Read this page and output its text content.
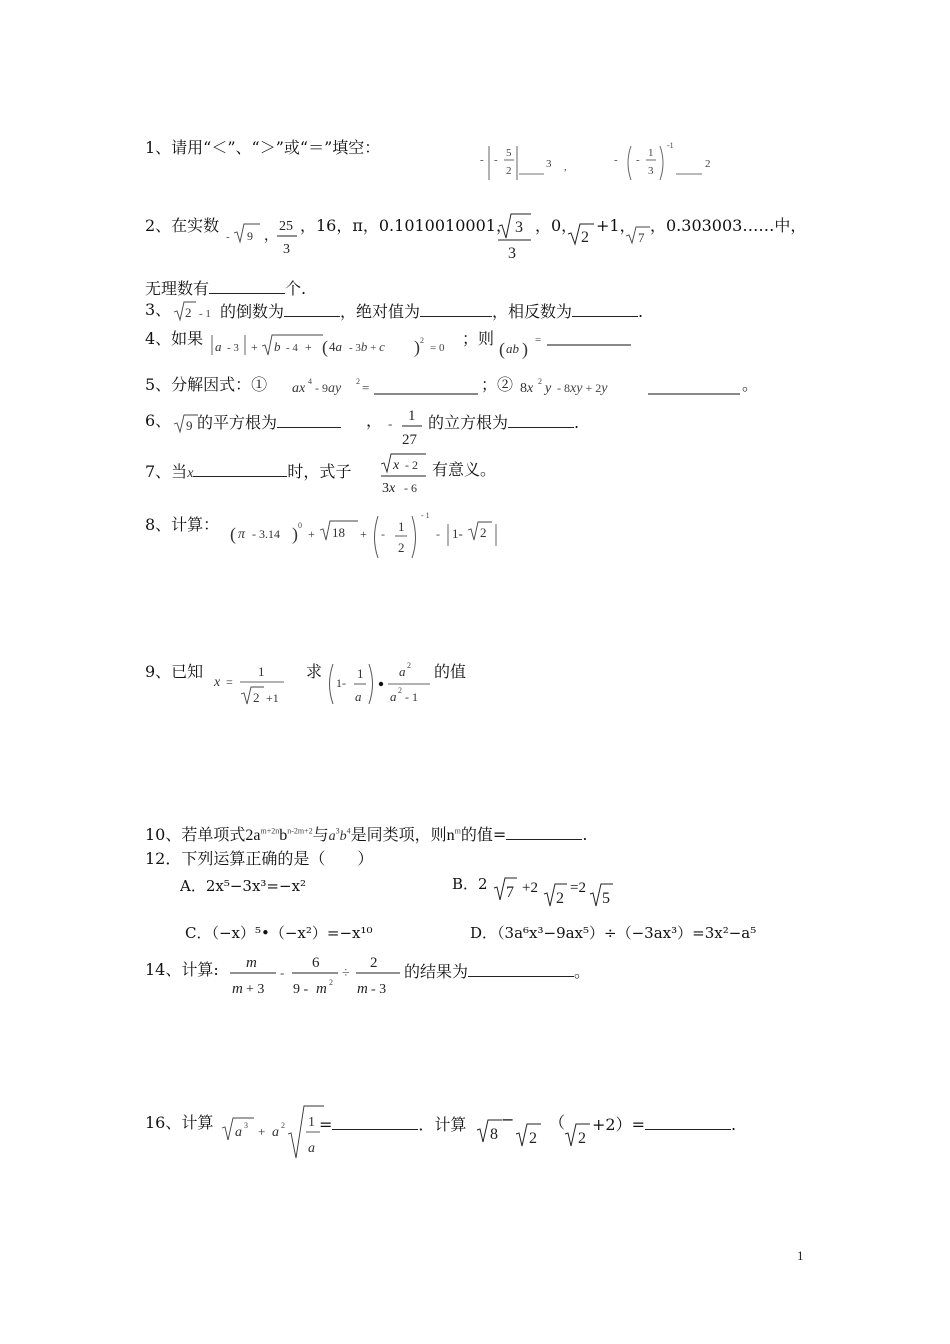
1、请用“＜”、“＞”或“＝”填空：
- -
5
2
3 ,
- -
1
3
-1
2
2、在实数
- 9 ，
25
3
，16，π，0.1010010001， 3
3
，0，
2
+1，
7
，0.303003……中，
无理数有	个.
3、 2 - 1 的倒数为	，绝对值为	，相反数为	.
4、如果 a - 3 + b - 4 + ( 4a - 3b + c ) 2
= 0 ；则
( ab ) =
5、分解因式：① ax 4 - 9ay 2 =	；② 8x 2 y - 8xy + 2y	。
6、 9 的平方根为	， - 1
27
的立方根为	.
7、当x	时，式子	x - 2
3x - 6
有意义。
8、计算： ( π - 3.14 ) 0
+ 18 + - 1
2
- 1
- 1- 2
9、已知
x =
1
2 +1
求
1-
1
a
a 2
a 2 - 1
的值
10、若单项式$2a^{m+2n}b^{n-2m+2}$与$a^3b^4$是同类项，则$n^m$的值=	.
12．下列运算正确的是（　　）
A．2x⁵−3x³=−x²	B．2 7 +2
2
=2
5
C．（−x）⁵•（−x²）=−x¹⁰	D．（3a⁶x³−9ax⁵）÷（−3ax³）=3x²−a⁵
14、计算: m
m + 3
-
6
9 - m 2
÷
2
m - 3
的结果为	。
16、计算
a 3 + a 2 1
a
=	．计算
8
−
2
（
2
+2）=	.
1
